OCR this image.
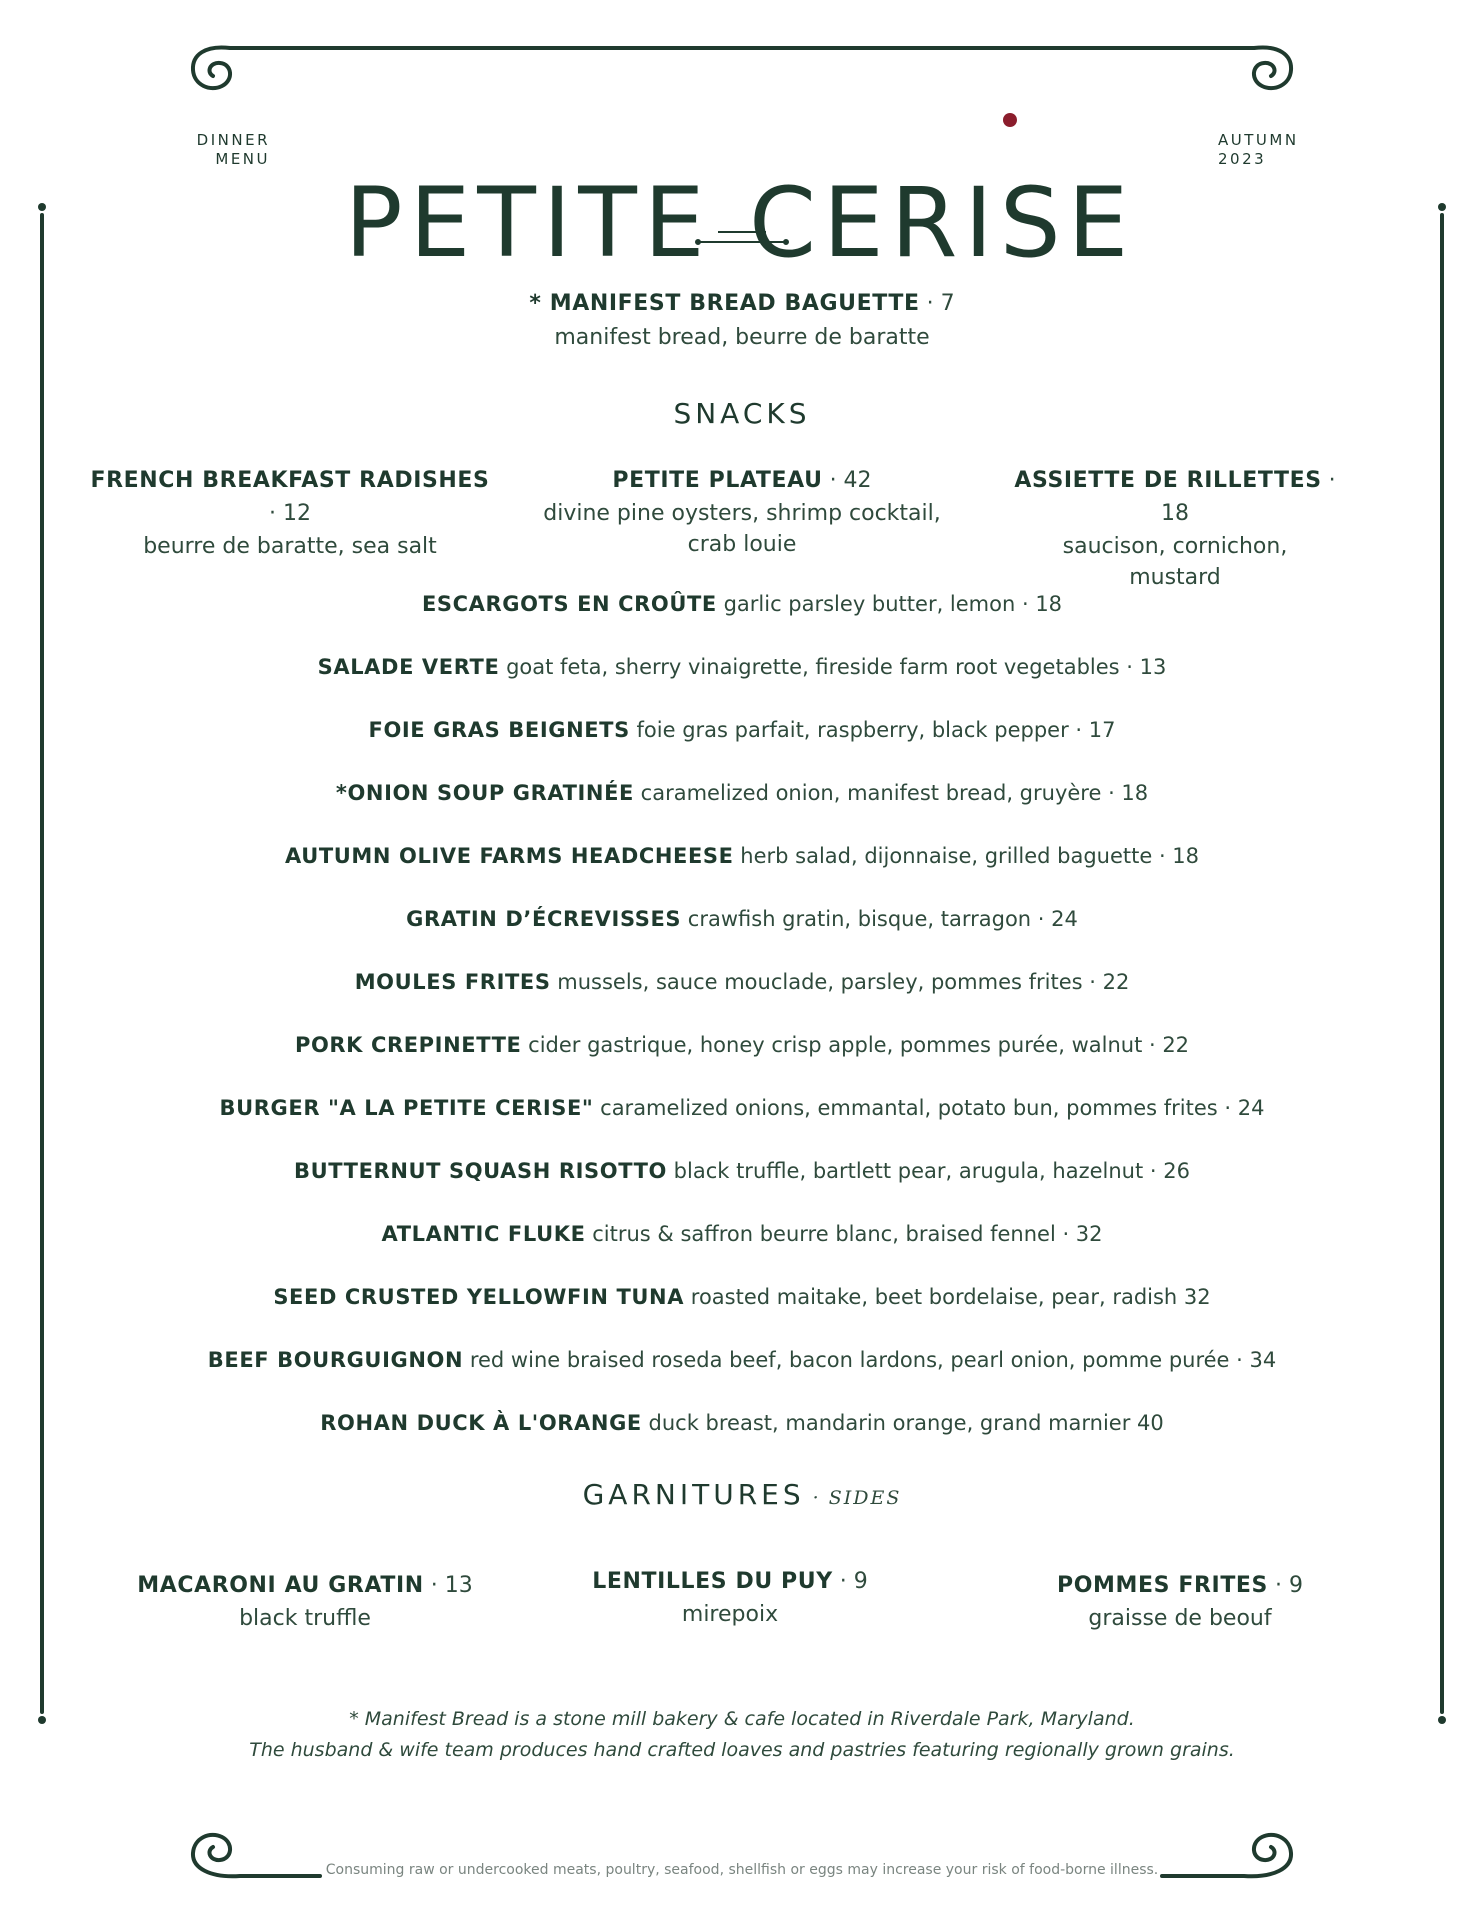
DINNER
MENU
PETITE CERISE
AUTUMN
2023
* MANIFEST BREAD BAGUETTE · 7
manifest bread, beurre de baratte
SNACKS
FRENCH BREAKFAST RADISHES · 12
beurre de baratte, sea salt
PETITE PLATEAU · 42
divine pine oysters, shrimp cocktail,
crab louie
ASSIETTE DE RILLETTES · 18
saucison, cornichon,
mustard
ESCARGOTS EN CROÛTE garlic parsley butter, lemon · 18
SALADE VERTE goat feta, sherry vinaigrette, fireside farm root vegetables · 13
FOIE GRAS BEIGNETS foie gras parfait, raspberry, black pepper · 17
*ONION SOUP GRATINÉE caramelized onion, manifest bread, gruyère · 18
AUTUMN OLIVE FARMS HEADCHEESE herb salad, dijonnaise, grilled baguette · 18
GRATIN D’ÉCREVISSES crawfish gratin, bisque, tarragon · 24
MOULES FRITES mussels, sauce mouclade, parsley, pommes frites · 22
PORK CREPINETTE cider gastrique, honey crisp apple, pommes purée, walnut · 22
BURGER "A LA PETITE CERISE" caramelized onions, emmantal, potato bun, pommes frites · 24
BUTTERNUT SQUASH RISOTTO black truffle, bartlett pear, arugula, hazelnut · 26
ATLANTIC FLUKE citrus & saffron beurre blanc, braised fennel · 32
SEED CRUSTED YELLOWFIN TUNA roasted maitake, beet bordelaise, pear, radish 32
BEEF BOURGUIGNON red wine braised roseda beef, bacon lardons, pearl onion, pomme purée · 34
ROHAN DUCK À L'ORANGE duck breast, mandarin orange, grand marnier 40
GARNITURES · SIDES
MACARONI AU GRATIN · 13
black truffle
LENTILLES DU PUY · 9
mirepoix
POMMES FRITES · 9
graisse de beouf
* Manifest Bread is a stone mill bakery & cafe located in Riverdale Park, Maryland.
The husband & wife team produces hand crafted loaves and pastries featuring regionally grown grains.
Consuming raw or undercooked meats, poultry, seafood, shellfish or eggs may increase your risk of food-borne illness.
